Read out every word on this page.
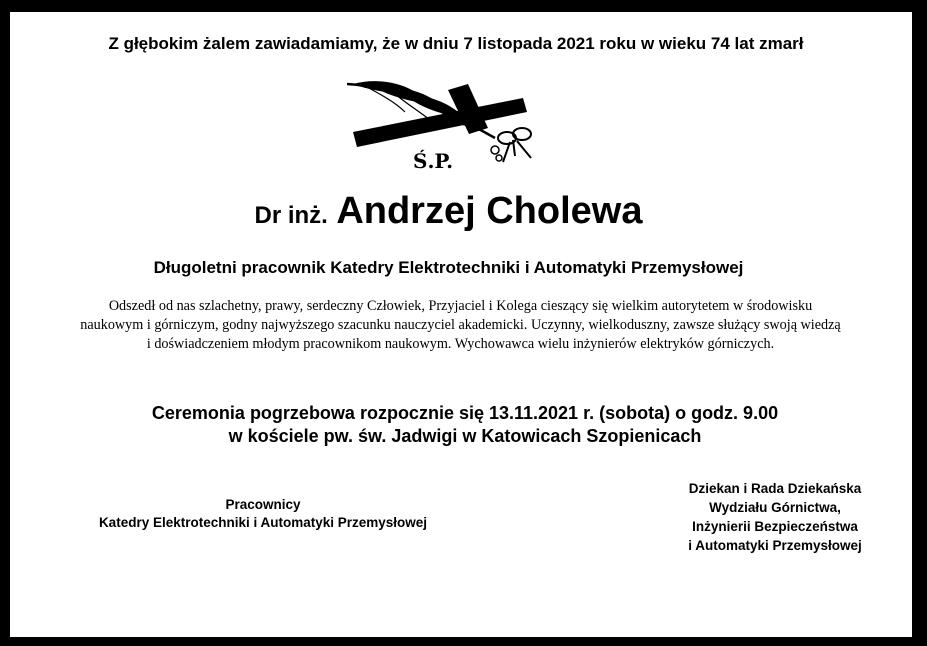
Z głębokim żalem zawiadamiamy, że w dniu 7 listopada 2021 roku w wieku 74 lat zmarł
Ś.P.
Dr inż. Andrzej Cholewa
Długoletni pracownik Katedry Elektrotechniki i Automatyki Przemysłowej
Odszedł od nas szlachetny, prawy, serdeczny Człowiek, Przyjaciel i Kolega cieszący się wielkim autorytetem w środowisku
naukowym i górniczym, godny najwyższego szacunku nauczyciel akademicki. Uczynny, wielkoduszny, zawsze służący swoją wiedzą
i doświadczeniem młodym pracownikom naukowym. Wychowawca wielu inżynierów elektryków górniczych.
Ceremonia pogrzebowa rozpocznie się 13.11.2021 r. (sobota) o godz. 9.00
w kościele pw. św. Jadwigi w Katowicach Szopienicach
Pracownicy
Katedry Elektrotechniki i Automatyki Przemysłowej
Dziekan i Rada Dziekańska
Wydziału Górnictwa,
Inżynierii Bezpieczeństwa
i Automatyki Przemysłowej
